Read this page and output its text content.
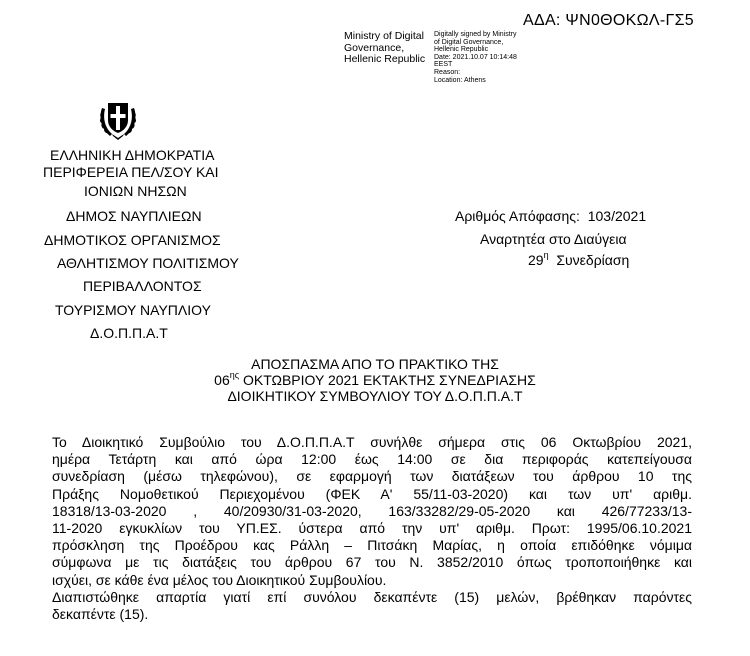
ΑΔΑ: ΨΝ0ΘΟΚΩΛ-ΓΣ5
Ministry of Digital
Governance,
Hellenic Republic
Digitally signed by Ministry
of Digital Governance,
Hellenic Republic
Date: 2021.10.07 10:14:48
EEST
Reason:
Location: Athens
ΕΛΛΗΝΙΚΗ ΔΗΜΟΚΡΑΤΙΑ
ΠΕΡΙΦΕΡΕΙΑ ΠΕΛ/ΣΟΥ ΚΑΙ
ΙΟΝΙΩΝ ΝΗΣΩΝ
ΔΗΜΟΣ ΝΑΥΠΛΙΕΩΝ
ΔΗΜΟΤΙΚΟΣ ΟΡΓΑΝΙΣΜΟΣ
ΑΘΛΗΤΙΣΜΟΥ ΠΟΛΙΤΙΣΜΟΥ
ΠΕΡΙΒΑΛΛΟΝΤΟΣ
ΤΟΥΡΙΣΜΟΥ ΝΑΥΠΛΙΟΥ
Δ.Ο.Π.Π.Α.Τ
Αριθμός Απόφασης: 103/2021
Αναρτητέα στο Διαύγεια
$29^\eta$ Συνεδρίαση
ΑΠΟΣΠΑΣΜΑ ΑΠΟ ΤΟ ΠΡΑΚΤΙΚΟ ΤΗΣ
$06^{\eta\varsigma}$ ΟΚΤΩΒΡΙΟΥ 2021 ΕΚΤΑΚΤΗΣ ΣΥΝΕΔΡΙΑΣΗΣ
ΔΙΟΙΚΗΤΙΚΟΥ ΣΥΜΒΟΥΛΙΟΥ ΤΟΥ Δ.Ο.Π.Π.Α.Τ
Το Διοικητικό Συμβούλιο του Δ.Ο.Π.Π.Α.Τ συνήλθε σήμερα στις 06 Οκτωβρίου 2021,
ημέρα Τετάρτη και από ώρα 12:00 έως 14:00 σε δια περιφοράς κατεπείγουσα
συνεδρίαση (μέσω τηλεφώνου), σε εφαρμογή των διατάξεων του άρθρου 10 της
Πράξης Νομοθετικού Περιεχομένου (ΦΕΚ Α' 55/11-03-2020) και των υπ' αριθμ.
18318/13-03-2020 , 40/20930/31-03-2020, 163/33282/29-05-2020 και 426/77233/13-
11-2020 εγκυκλίων του ΥΠ.ΕΣ. ύστερα από την υπ' αριθμ. Πρωτ: 1995/06.10.2021
πρόσκληση της Προέδρου κας Ράλλη – Πιτσάκη Μαρίας, η οποία επιδόθηκε νόμιμα
σύμφωνα με τις διατάξεις του άρθρου 67 του Ν. 3852/2010 όπως τροποποιήθηκε και
ισχύει, σε κάθε ένα μέλος του Διοικητικού Συμβουλίου.
Διαπιστώθηκε απαρτία γιατί επί συνόλου δεκαπέντε (15) μελών, βρέθηκαν παρόντες
δεκαπέντε (15).
